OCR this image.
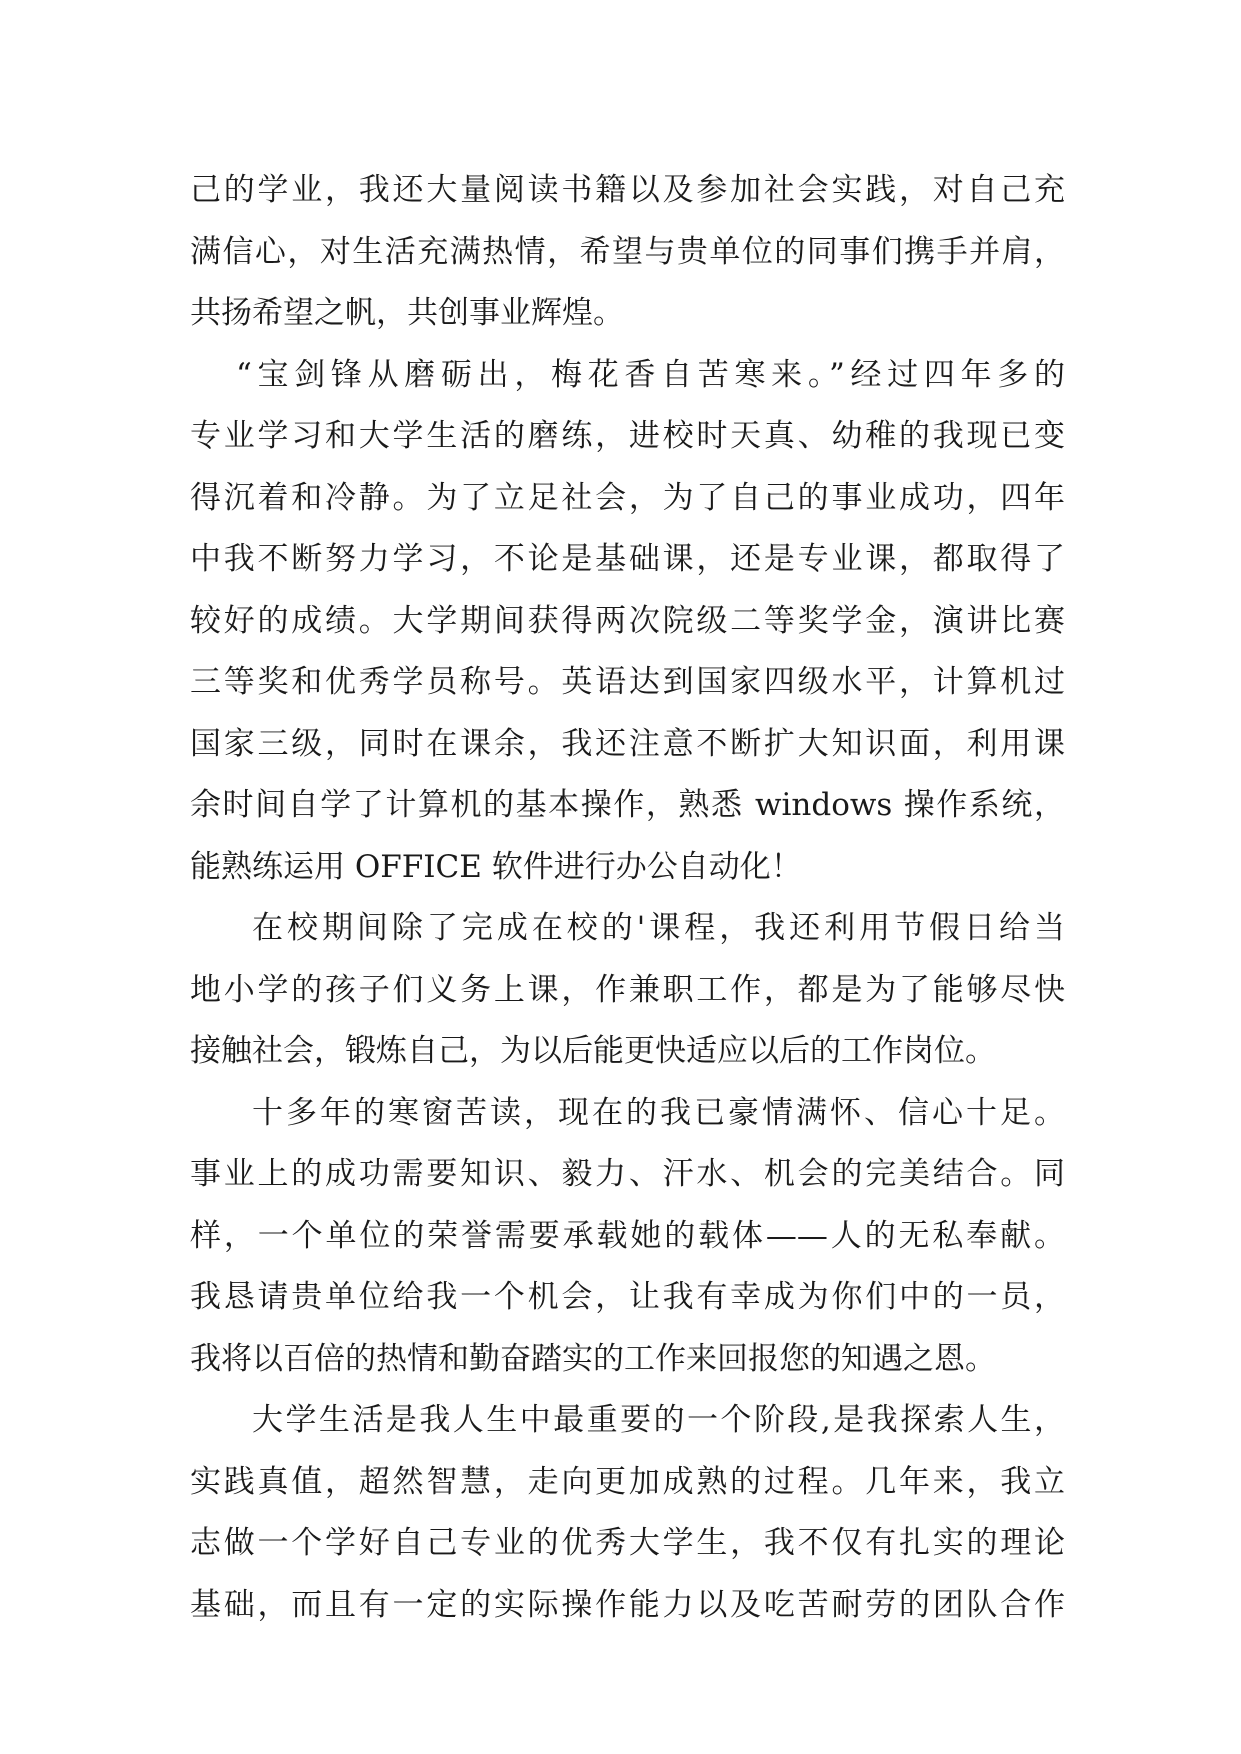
己的学业，我还大量阅读书籍以及参加社会实践，对自己充
满信心，对生活充满热情，希望与贵单位的同事们携手并肩，
共扬希望之帆，共创事业辉煌。
“宝剑锋从磨砺出，梅花香自苦寒来。”经过四年多的
专业学习和大学生活的磨练，进校时天真、幼稚的我现已变
得沉着和冷静。为了立足社会，为了自己的事业成功，四年
中我不断努力学习，不论是基础课，还是专业课，都取得了
较好的成绩。大学期间获得两次院级二等奖学金，演讲比赛
三等奖和优秀学员称号。英语达到国家四级水平，计算机过
国家三级，同时在课余，我还注意不断扩大知识面，利用课
余时间自学了计算机的基本操作，熟悉 windows 操作系统，
能熟练运用 OFFICE 软件进行办公自动化！
在校期间除了完成在校的'课程，我还利用节假日给当
地小学的孩子们义务上课，作兼职工作，都是为了能够尽快
接触社会，锻炼自己，为以后能更快适应以后的工作岗位。
十多年的寒窗苦读，现在的我已豪情满怀、信心十足。
事业上的成功需要知识、毅力、汗水、机会的完美结合。同
样，一个单位的荣誉需要承载她的载体——人的无私奉献。
我恳请贵单位给我一个机会，让我有幸成为你们中的一员，
我将以百倍的热情和勤奋踏实的工作来回报您的知遇之恩。
大学生活是我人生中最重要的一个阶段,是我探索人生，
实践真值，超然智慧，走向更加成熟的过程。几年来，我立
志做一个学好自己专业的优秀大学生，我不仅有扎实的理论
基础，而且有一定的实际操作能力以及吃苦耐劳的团队合作
